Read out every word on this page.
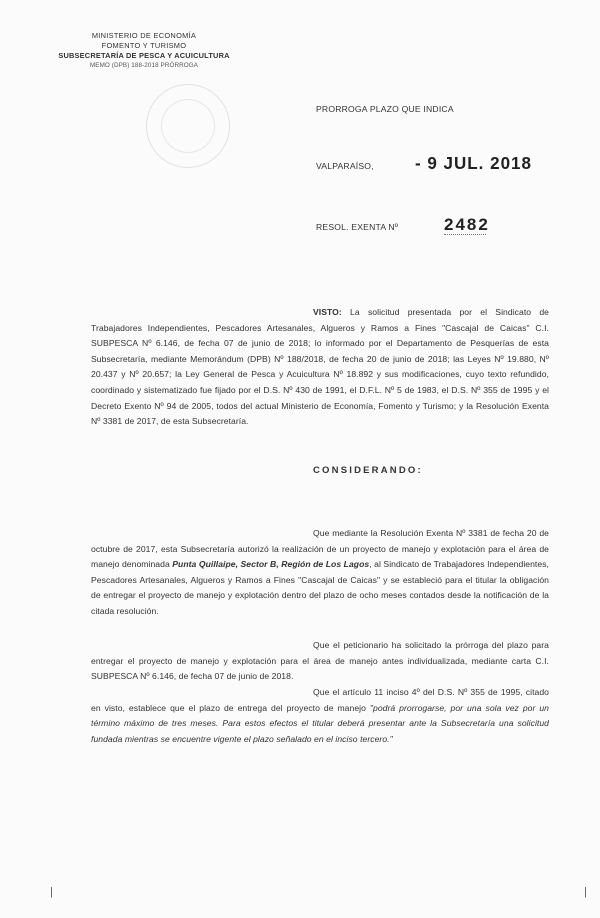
MINISTERIO DE ECONOMÍA
FOMENTO Y TURISMO
SUBSECRETARÍA DE PESCA Y ACUICULTURA
MEMO (DPB) 188-2018 PRÓRROGA
PRORROGA PLAZO QUE INDICA
VALPARAÍSO, - 9 JUL. 2018
RESOL. EXENTA Nº	2482
VISTO: La solicitud presentada por el Sindicato de Trabajadores Independientes, Pescadores Artesanales, Algueros y Ramos a Fines "Cascajal de Caicas" C.I. SUBPESCA Nº 6.146, de fecha 07 de junio de 2018; lo informado por el Departamento de Pesquerías de esta Subsecretaría, mediante Memorándum (DPB) Nº 188/2018, de fecha 20 de junio de 2018; las Leyes Nº 19.880, Nº 20.437 y Nº 20.657; la Ley General de Pesca y Acuicultura Nº 18.892 y sus modificaciones, cuyo texto refundido, coordinado y sistematizado fue fijado por el D.S. Nº 430 de 1991, el D.F.L. Nº 5 de 1983, el D.S. Nº 355 de 1995 y el Decreto Exento Nº 94 de 2005, todos del actual Ministerio de Economía, Fomento y Turismo; y la Resolución Exenta Nº 3381 de 2017, de esta Subsecretaría.
CONSIDERANDO:
Que mediante la Resolución Exenta Nº 3381 de fecha 20 de octubre de 2017, esta Subsecretaría autorizó la realización de un proyecto de manejo y explotación para el área de manejo denominada Punta Quillaipe, Sector B, Región de Los Lagos, al Sindicato de Trabajadores Independientes, Pescadores Artesanales, Algueros y Ramos a Fines "Cascajal de Caicas" y se estableció para el titular la obligación de entregar el proyecto de manejo y explotación dentro del plazo de ocho meses contados desde la notificación de la citada resolución.
Que el peticionario ha solicitado la prórroga del plazo para entregar el proyecto de manejo y explotación para el área de manejo antes individualizada, mediante carta C.I. SUBPESCA Nº 6.146, de fecha 07 de junio de 2018.
Que el artículo 11 inciso 4º del D.S. Nº 355 de 1995, citado en visto, establece que el plazo de entrega del proyecto de manejo "podrá prorrogarse, por una sola vez por un término máximo de tres meses. Para estos efectos el titular deberá presentar ante la Subsecretaría una solicitud fundada mientras se encuentre vigente el plazo señalado en el inciso tercero."
|	|
